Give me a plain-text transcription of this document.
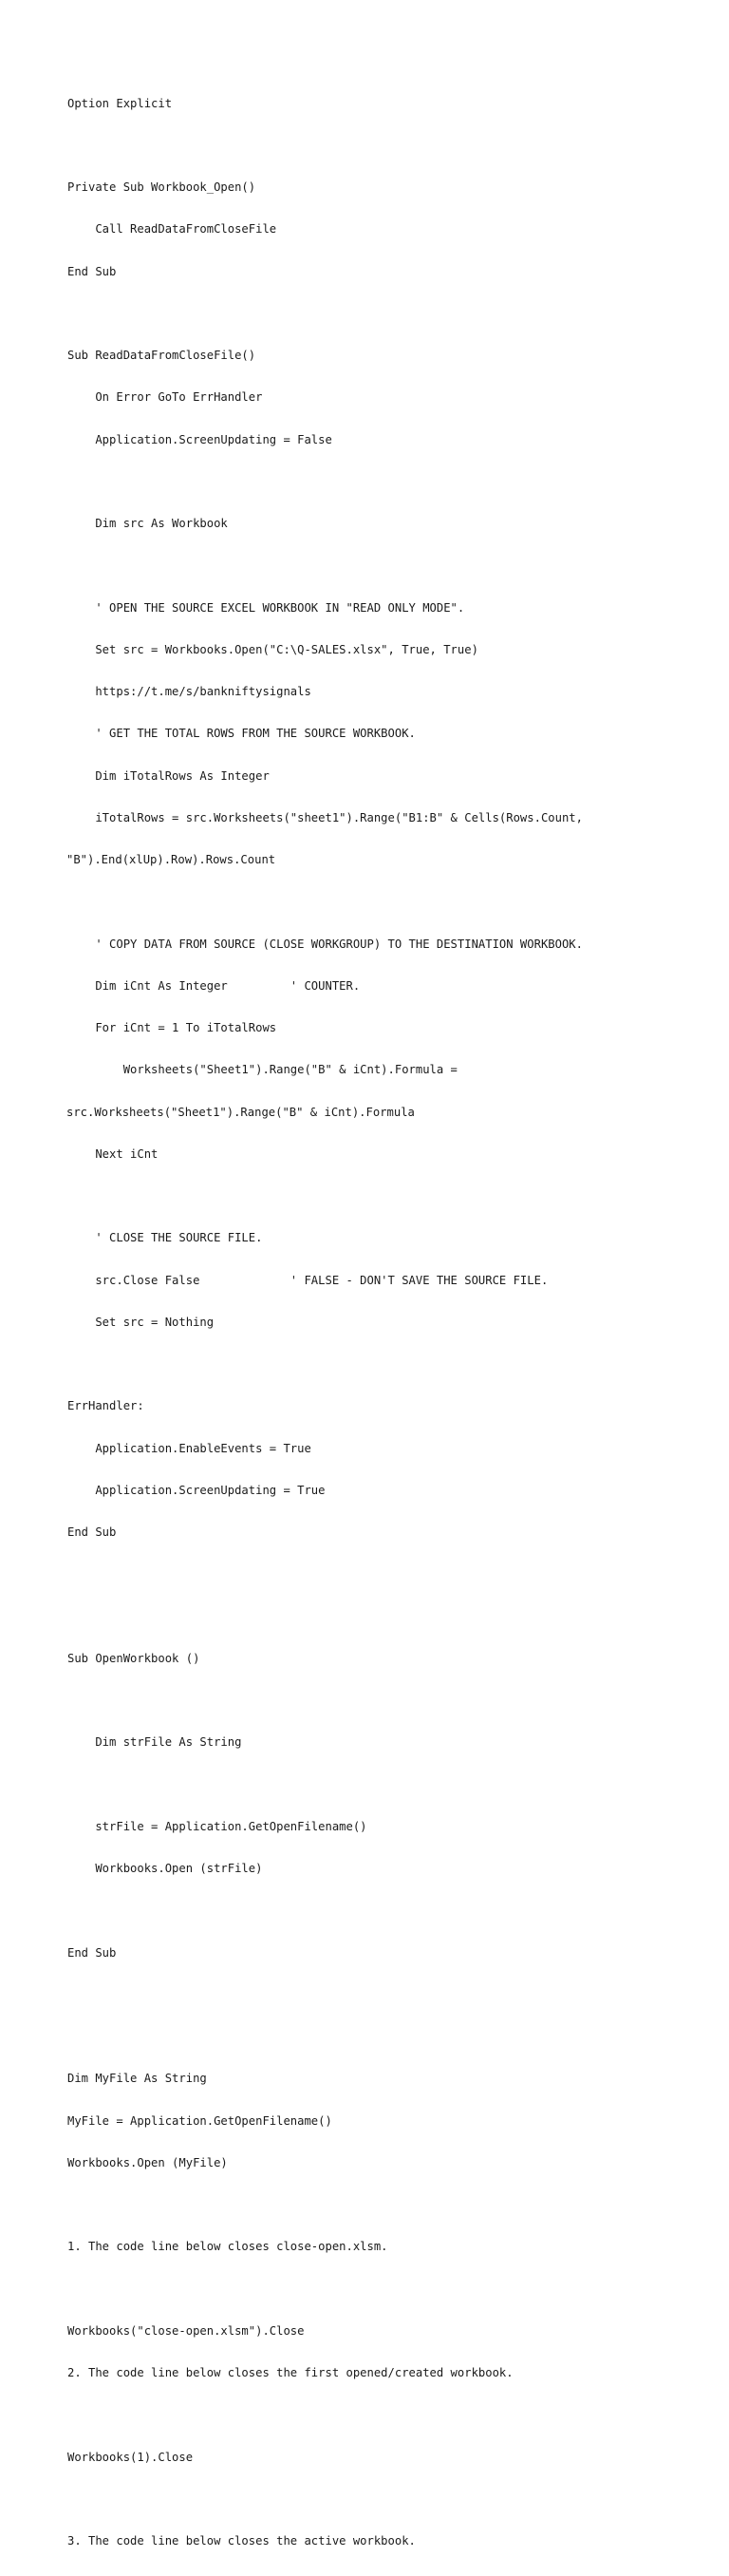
Option Explicit

Private Sub Workbook_Open()

Call ReadDataFromCloseFile

End Sub

Sub ReadDataFromCloseFile()

On Error GoTo ErrHandler

Application.ScreenUpdating = False

Dim src As Workbook

' OPEN THE SOURCE EXCEL WORKBOOK IN "READ ONLY MODE".

Set src = Workbooks.Open("C:\Q-SALES.xlsx", True, True)

https://t.me/s/bankniftysignals

' GET THE TOTAL ROWS FROM THE SOURCE WORKBOOK.

Dim iTotalRows As Integer

iTotalRows = src.Worksheets("sheet1").Range("B1:B" & Cells(Rows.Count,

"B").End(xlUp).Row).Rows.Count

' COPY DATA FROM SOURCE (CLOSE WORKGROUP) TO THE DESTINATION WORKBOOK.

Dim iCnt As Integer         ' COUNTER.

For iCnt = 1 To iTotalRows

Worksheets("Sheet1").Range("B" & iCnt).Formula =

src.Worksheets("Sheet1").Range("B" & iCnt).Formula

Next iCnt

' CLOSE THE SOURCE FILE.

src.Close False             ' FALSE - DON'T SAVE THE SOURCE FILE.

Set src = Nothing

ErrHandler:

Application.EnableEvents = True

Application.ScreenUpdating = True

End Sub

Sub OpenWorkbook ()

Dim strFile As String

strFile = Application.GetOpenFilename()

Workbooks.Open (strFile)

End Sub

Dim MyFile As String

MyFile = Application.GetOpenFilename()

Workbooks.Open (MyFile)

1. The code line below closes close-open.xlsm.

Workbooks("close-open.xlsm").Close

2. The code line below closes the first opened/created workbook.

Workbooks(1).Close

3. The code line below closes the active workbook.
